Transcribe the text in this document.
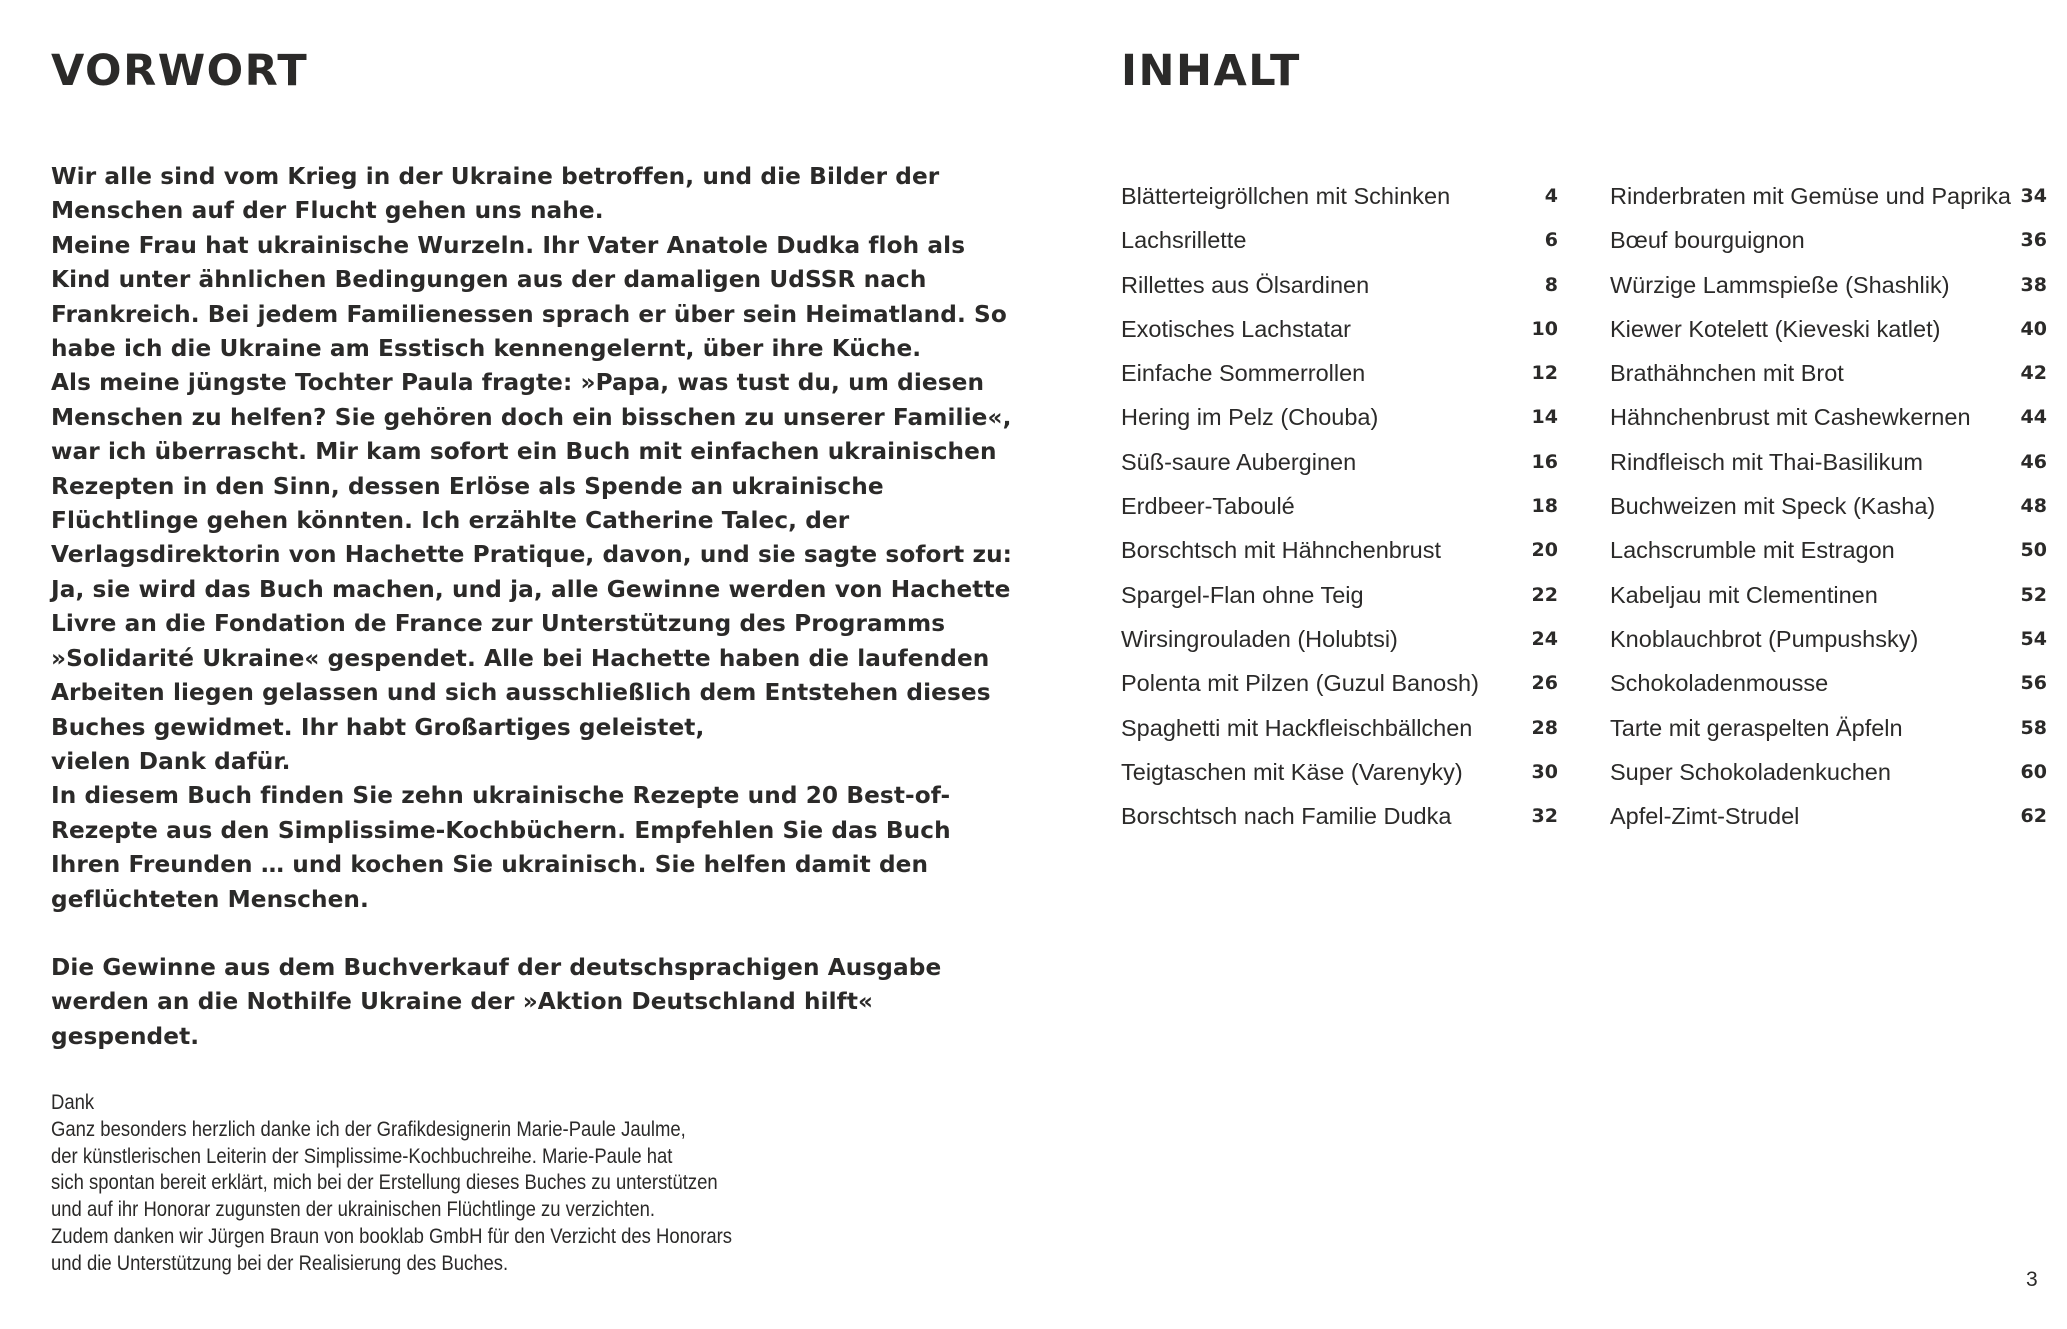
VORWORT

Wir alle sind vom Krieg in der Ukraine betroffen, und die Bilder der

Menschen auf der Flucht gehen uns nahe.

Meine Frau hat ukrainische Wurzeln. Ihr Vater Anatole Dudka floh als

Kind unter ähnlichen Bedingungen aus der damaligen UdSSR nach

Frankreich. Bei jedem Familienessen sprach er über sein Heimatland. So

habe ich die Ukraine am Esstisch kennengelernt, über ihre Küche.

Als meine jüngste Tochter Paula fragte: »Papa, was tust du, um diesen

Menschen zu helfen? Sie gehören doch ein bisschen zu unserer Familie«,

war ich überrascht. Mir kam sofort ein Buch mit einfachen ukrainischen

Rezepten in den Sinn, dessen Erlöse als Spende an ukrainische

Flüchtlinge gehen könnten. Ich erzählte Catherine Talec, der

Verlagsdirektorin von Hachette Pratique, davon, und sie sagte sofort zu:

Ja, sie wird das Buch machen, und ja, alle Gewinne werden von Hachette

Livre an die Fondation de France zur Unterstützung des Programms

»Solidarité Ukraine« gespendet. Alle bei Hachette haben die laufenden

Arbeiten liegen gelassen und sich ausschließlich dem Entstehen dieses

Buches gewidmet. Ihr habt Großartiges geleistet,

vielen Dank dafür.

In diesem Buch finden Sie zehn ukrainische Rezepte und 20 Best-of-

Rezepte aus den Simplissime-Kochbüchern. Empfehlen Sie das Buch

Ihren Freunden … und kochen Sie ukrainisch. Sie helfen damit den

geflüchteten Menschen.

Die Gewinne aus dem Buchverkauf der deutschsprachigen Ausgabe

werden an die Nothilfe Ukraine der »Aktion Deutschland hilft«

gespendet.

Dank

Ganz besonders herzlich danke ich der Grafikdesignerin Marie-Paule Jaulme,

der künstlerischen Leiterin der Simplissime-Kochbuchreihe. Marie-Paule hat

sich spontan bereit erklärt, mich bei der Erstellung dieses Buches zu unterstützen

und auf ihr Honorar zugunsten der ukrainischen Flüchtlinge zu verzichten.

Zudem danken wir Jürgen Braun von booklab GmbH für den Verzicht des Honorars

und die Unterstützung bei der Realisierung des Buches.

INHALT
Blätterteigröllchen mit Schinken	4
Lachsrillette	6
Rillettes aus Ölsardinen	8
Exotisches Lachstatar	10
Einfache Sommerrollen	12
Hering im Pelz (Chouba)	14
Süß-saure Auberginen	16
Erdbeer-Taboulé	18
Borschtsch mit Hähnchenbrust	20
Spargel-Flan ohne Teig	22
Wirsingrouladen (Holubtsi)	24
Polenta mit Pilzen (Guzul Banosh)	26
Spaghetti mit Hackfleischbällchen	28
Teigtaschen mit Käse (Varenyky)	30
Borschtsch nach Familie Dudka	32
Rinderbraten mit Gemüse und Paprika 34
Bœuf bourguignon	36
Würzige Lammspieße (Shashlik)	38
Kiewer Kotelett (Kieveski katlet)	40
Brathähnchen mit Brot	42
Hähnchenbrust mit Cashewkernen	44
Rindfleisch mit Thai-Basilikum	46
Buchweizen mit Speck (Kasha)	48
Lachscrumble mit Estragon	50
Kabeljau mit Clementinen	52
Knoblauchbrot (Pumpushsky)	54
Schokoladenmousse	56
Tarte mit geraspelten Äpfeln	58
Super Schokoladenkuchen	60
Apfel-Zimt-Strudel	62
3
